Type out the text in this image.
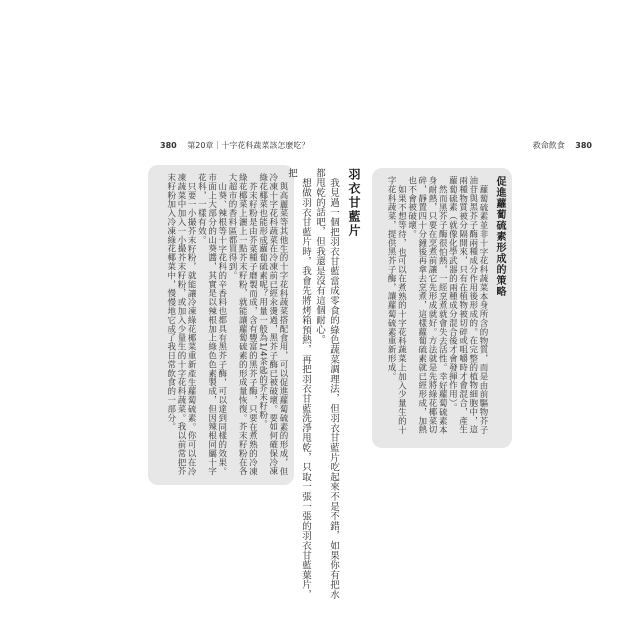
380 第20章｜十字花科蔬菜該怎麼吃？	救命飲食 380

與高麗菜等其他生的十字花科蔬菜搭配食用，可以促進蘿蔔硫素的形成，但冷凍十字花科蔬菜在冷凍前已經汆燙過，黑芥子酶已被破壞。要如何確保冷凍綠花椰菜也能形成蘿蔔硫素呢？用量一般為1/4茶匙的芥末籽粉。

芥末籽粉是由芥菜種子磨製而成，含有豐富的黑芥子酶，只要在煮熟的冷凍綠花椰菜上灑上一點芥末籽粉，就能讓蘿蔔硫素的形成量恢復。芥末籽粉在各大超市的香料區都買得到。

山葵、辣根等十字花科的辛香料也都具有黑芥子酶，可以達到同樣的效果。市面上大部分的山葵醬，其實是以辣根加上綠色色素製成，但因辣根同屬十字花科，一樣有效。

只要一小撮芥末籽粉，就能讓冷凍綠花椰菜重新產生蘿蔔硫素。你可以在冷凍蔬菜中加入一小撮芥末籽粉，或加入少量生的十字花科蔬菜。我以前常把芥末籽粉加入冷凍綠花椰菜中，慢慢地它成了我日常飲食的一部分。	羽衣甘藍片

我見過一個把羽衣甘藍當成零食的綠色蔬菜調理法，但羽衣甘藍片吃起來不是不錯，如果你有把水都甩乾的話吧，但我還是沒有這個耐心。

想做羽衣甘藍片時，我會先將烤箱預熱，再把羽衣甘藍洗淨甩乾，只取一張一張的羽衣甘藍葉片，把

促進蘿蔔硫素形成的策略

蘿蔔硫素並非十字花科蔬菜本身所含的物質，而是由前驅物芥子油苷與黑芥子酶兩種成分作用後形成的。在完整的植物細胞中，這兩種物質被分隔開來，只有在植物被切碎或咀嚼時才會混合，產生蘿蔔硫素（就像化學武器的兩種成分混合後才會發揮作用）。

然而黑芥子酶很怕熱，一經烹煮就會失去活性。幸好蘿蔔硫素本身耐熱，只要在烹煮前讓它先形成就好。方法就是先將綠花椰菜切碎，靜置四十分鐘後再拿去烹煮，這樣蘿蔔硫素就已經形成，加熱也不會被破壞。

如果不想等待，也可以在煮熟的十字花科蔬菜上加入少量生的十字花科蔬菜，提供黑芥子酶，讓蘿蔔硫素重新形成。
